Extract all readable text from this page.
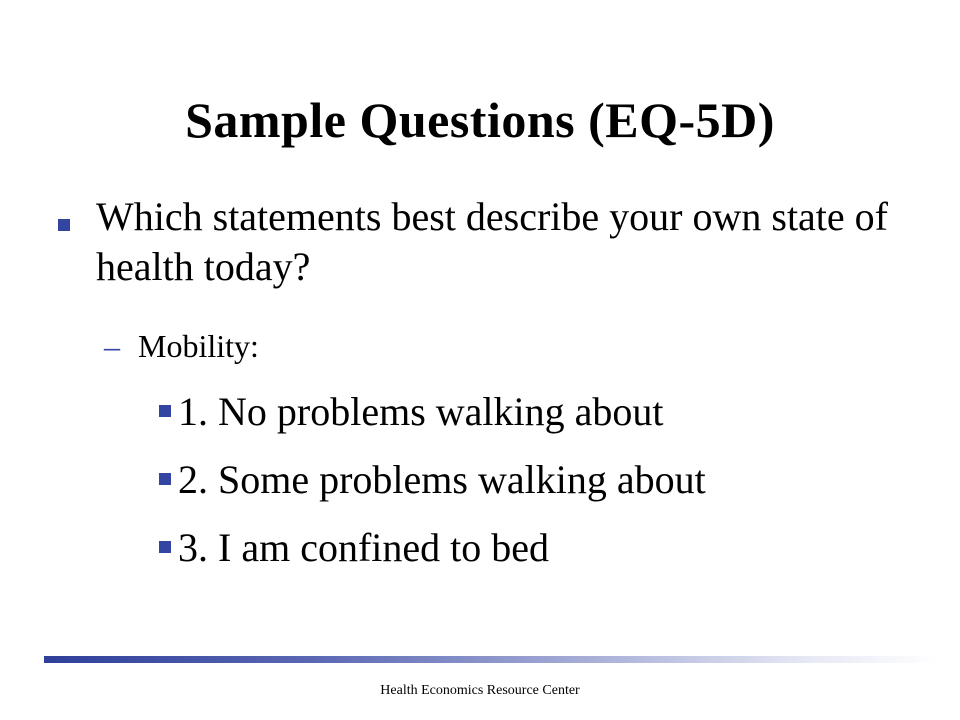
Sample Questions (EQ-5D)
Which statements best describe your own state of health today?
– Mobility:
1. No problems walking about
2. Some problems walking about
3. I am confined to bed
Health Economics Resource Center
